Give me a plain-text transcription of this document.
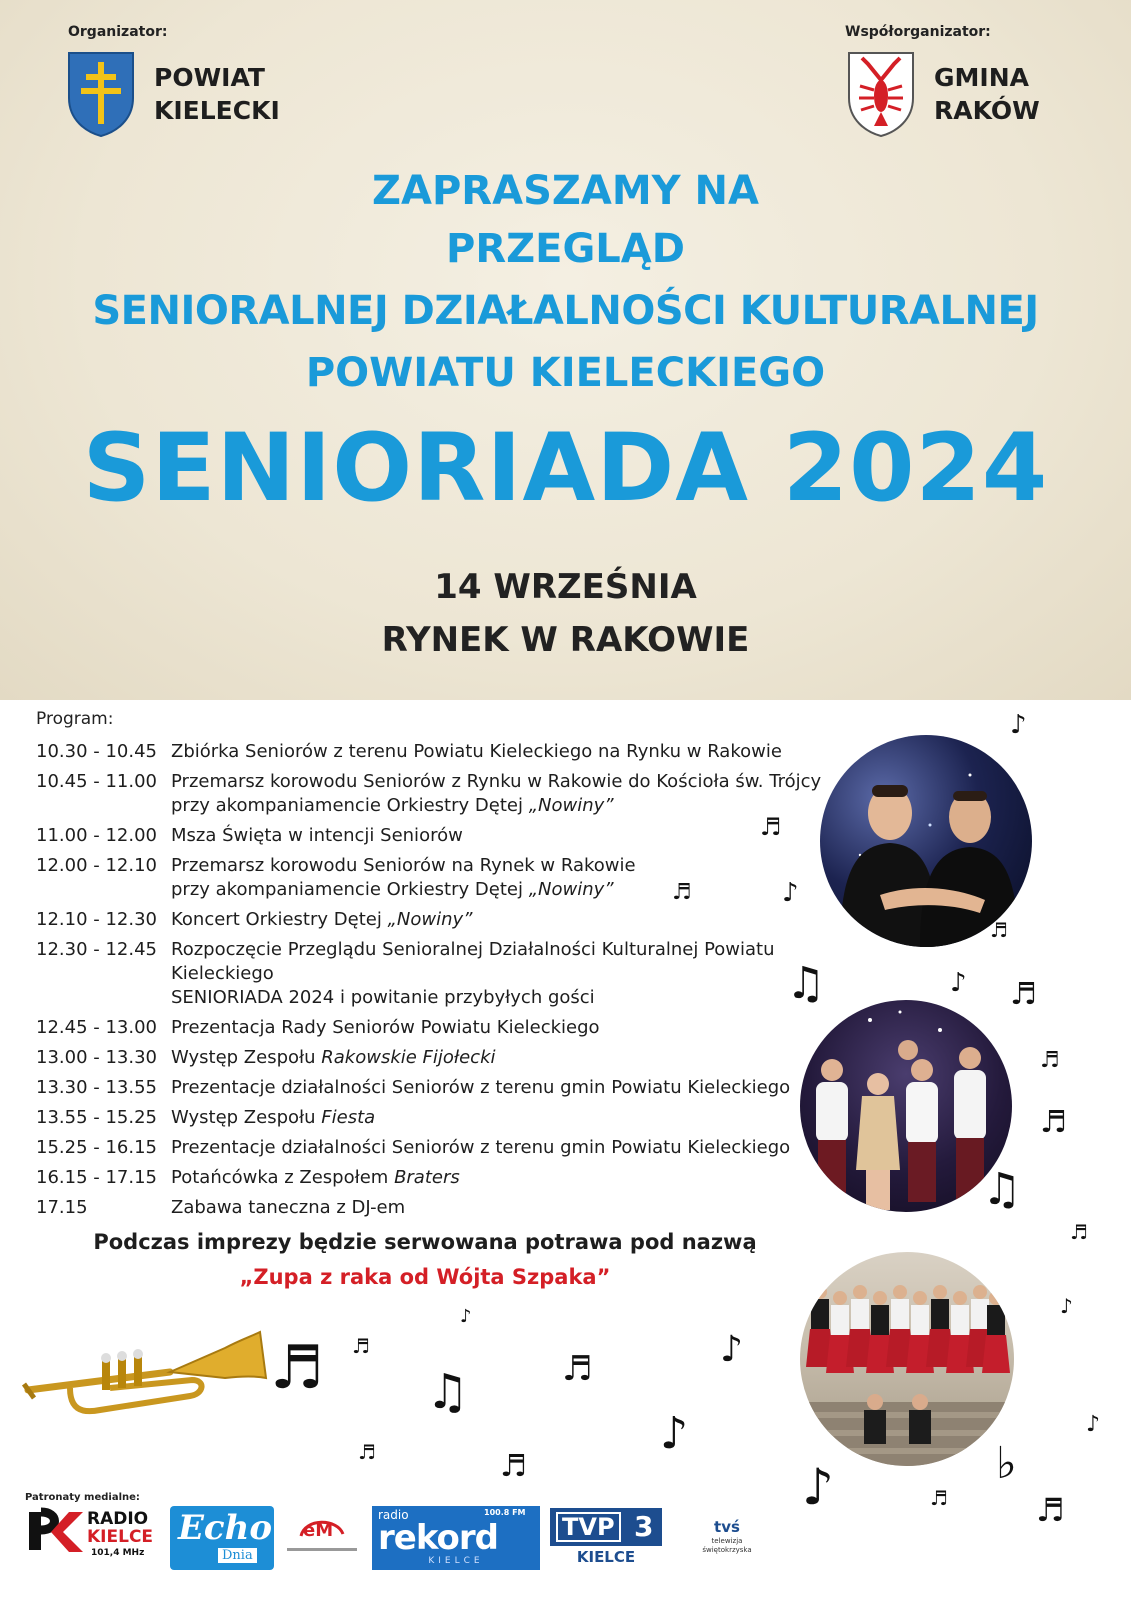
Organizator:
POWIAT
KIELECKI
Współorganizator:
GMINA
RAKÓW
ZAPRASZAMY NA
PRZEGLĄD
SENIORALNEJ DZIAŁALNOŚCI KULTURALNEJ
POWIATU KIELECKIEGO
SENIORIADA 2024
14 WRZEŚNIA
RYNEK W RAKOWIE
Program:
10.30 - 10.45 Zbiórka Seniorów z terenu Powiatu Kieleckiego na Rynku w Rakowie
10.45 - 11.00 Przemarsz korowodu Seniorów z Rynku w Rakowie do Kościoła św. Trójcy
przy akompaniamencie Orkiestry Dętej „Nowiny”
11.00 - 12.00 Msza Święta w intencji Seniorów
12.00 - 12.10 Przemarsz korowodu Seniorów na Rynek w Rakowie
przy akompaniamencie Orkiestry Dętej „Nowiny”
12.10 - 12.30 Koncert Orkiestry Dętej „Nowiny”
12.30 - 12.45 Rozpoczęcie Przeglądu Senioralnej Działalności Kulturalnej Powiatu Kieleckiego
SENIORIADA 2024 i powitanie przybyłych gości
12.45 - 13.00 Prezentacja Rady Seniorów Powiatu Kieleckiego
13.00 - 13.30 Występ Zespołu Rakowskie Fijołecki
13.30 - 13.55 Prezentacje działalności Seniorów z terenu gmin Powiatu Kieleckiego
13.55 - 15.25 Występ Zespołu Fiesta
15.25 - 16.15 Prezentacje działalności Seniorów z terenu gmin Powiatu Kieleckiego
16.15 - 17.15 Potańcówka z Zespołem Braters
17.15	Zabawa taneczna z DJ-em
Podczas imprezy będzie serwowana potrawa pod nazwą
„Zupa z raka od Wójta Szpaka”
♪
♬
♪
♬
♬
♪
♫	♬
♬
♬
♫
♬
♪
♪
♬ ♬
♫
♪
♬	♪
♪
♬	♬	♪	♭
♬	♬
Patronaty medialne:
RADIO
KIELCE
101,4 MHz
Echo
Dnia
eM
radio	100.8 FM
rekord
KIELCE
TVP 3
KIELCE
tvś
telewizja
świętokrzyska
